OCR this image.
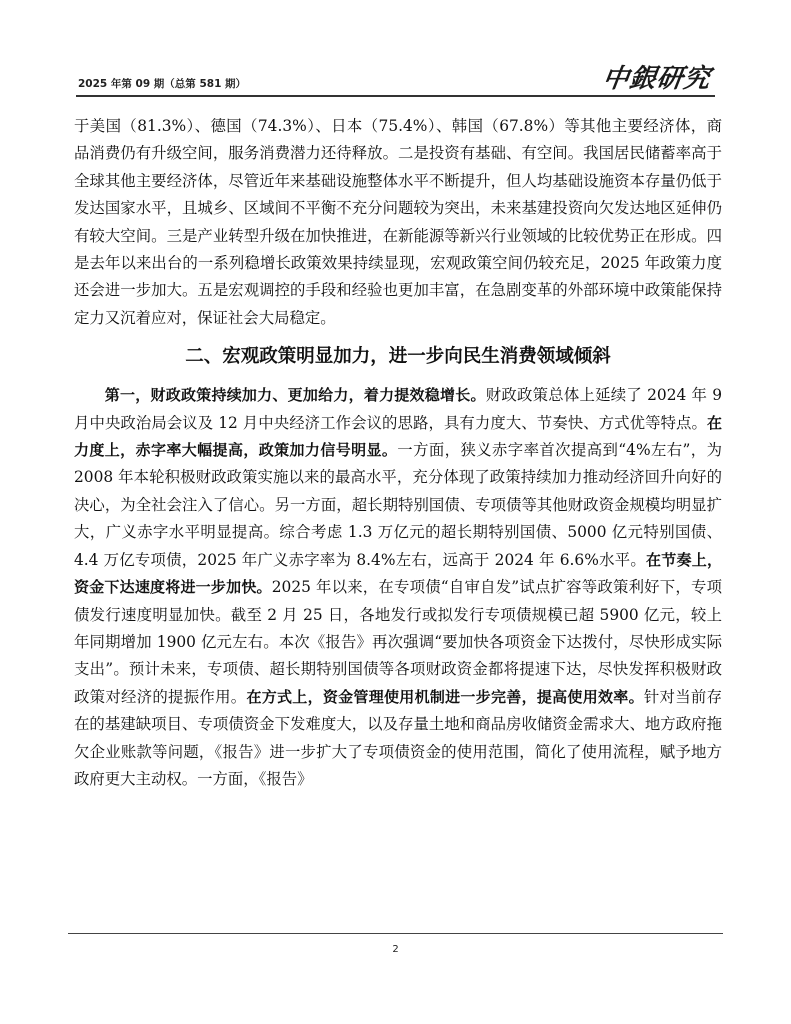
2025 年第 09 期（总第 581 期）	中銀研究

于美国（81.3%）、德国（74.3%）、日本（75.4%）、韩国（67.8%）等其他主要经济体，商品消费仍有升级空间，服务消费潜力还待释放。二是投资有基础、有空间。我国居民储蓄率高于全球其他主要经济体，尽管近年来基础设施整体水平不断提升，但人均基础设施资本存量仍低于发达国家水平，且城乡、区域间不平衡不充分问题较为突出，未来基建投资向欠发达地区延伸仍有较大空间。三是产业转型升级在加快推进，在新能源等新兴行业领域的比较优势正在形成。四是去年以来出台的一系列稳增长政策效果持续显现，宏观政策空间仍较充足，2025 年政策力度还会进一步加大。五是宏观调控的手段和经验也更加丰富，在急剧变革的外部环境中政策能保持定力又沉着应对，保证社会大局稳定。

二、宏观政策明显加力，进一步向民生消费领域倾斜

第一，财政政策持续加力、更加给力，着力提效稳增长。财政政策总体上延续了 2024 年 9 月中央政治局会议及 12 月中央经济工作会议的思路，具有力度大、节奏快、方式优等特点。在力度上，赤字率大幅提高，政策加力信号明显。一方面，狭义赤字率首次提高到“4%左右”，为2008 年本轮积极财政政策实施以来的最高水平，充分体现了政策持续加力推动经济回升向好的决心，为全社会注入了信心。另一方面，超长期特别国债、专项债等其他财政资金规模均明显扩大，广义赤字水平明显提高。综合考虑 1.3 万亿元的超长期特别国债、5000 亿元特别国债、4.4 万亿专项债，2025 年广义赤字率为 8.4%左右，远高于 2024 年 6.6%水平。在节奏上，资金下达速度将进一步加快。2025 年以来，在专项债“自审自发”试点扩容等政策利好下，专项债发行速度明显加快。截至 2 月 25 日，各地发行或拟发行专项债规模已超 5900 亿元，较上年同期增加 1900 亿元左右。本次《报告》再次强调“要加快各项资金下达拨付，尽快形成实际支出”。预计未来，专项债、超长期特别国债等各项财政资金都将提速下达，尽快发挥积极财政政策对经济的提振作用。在方式上，资金管理使用机制进一步完善，提高使用效率。针对当前存在的基建缺项目、专项债资金下发难度大，以及存量土地和商品房收储资金需求大、地方政府拖欠企业账款等问题，《报告》进一步扩大了专项债资金的使用范围，简化了使用流程，赋予地方政府更大主动权。一方面，《报告》

2
